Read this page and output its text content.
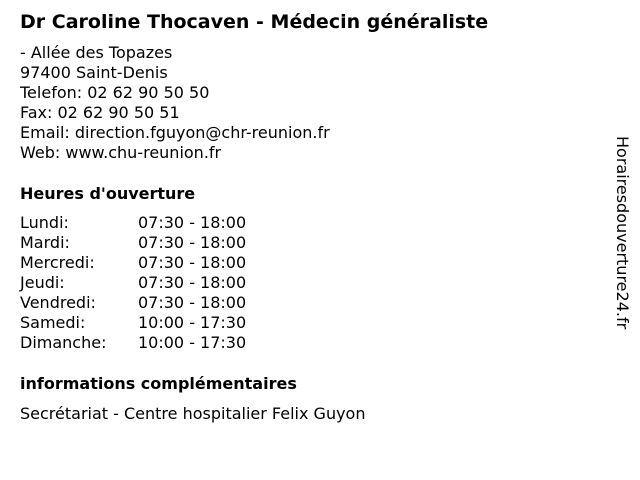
Dr Caroline Thocaven - Médecin généraliste
- Allée des Topazes
97400 Saint-Denis
Telefon: 02 62 90 50 50
Fax: 02 62 90 50 51
Email: direction.fguyon@chr-reunion.fr
Web: www.chu-reunion.fr
Heures d'ouverture
Lundi:	07:30 - 18:00
Mardi:	07:30 - 18:00
Mercredi:	07:30 - 18:00
Jeudi:	07:30 - 18:00
Vendredi:	07:30 - 18:00
Samedi:	10:00 - 17:30
Dimanche: 10:00 - 17:30
informations complémentaires
Secrétariat - Centre hospitalier Felix Guyon
Horairesdouverture24.fr
